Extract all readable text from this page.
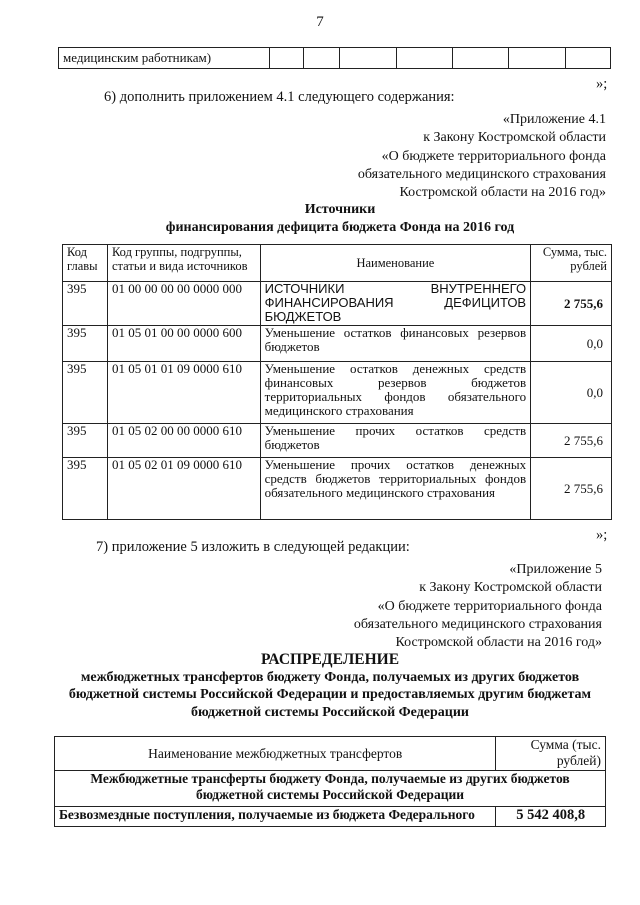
7
медицинским работникам)							
»;
6) дополнить приложением 4.1 следующего содержания:
«Приложение 4.1
к Закону Костромской области
«О бюджете территориального фонда
обязательного медицинского страхования
Костромской области на 2016 год»
Источники
финансирования дефицита бюджета Фонда на 2016 год
Код главы	Код группы, подгруппы, статьи и вида источников	Наименование	Сумма, тыс. рублей
395	01 00 00 00 00 0000 000	ИСТОЧНИКИ ВНУТРЕННЕГО ФИНАНСИРОВАНИЯ ДЕФИЦИТОВ БЮДЖЕТОВ	2 755,6
395	01 05 01 00 00 0000 600	Уменьшение остатков финансовых резервов бюджетов	0,0
395	01 05 01 01 09 0000 610	Уменьшение остатков денежных средств финансовых резервов бюджетов территориальных фондов обязательного медицинского страхования	0,0
395	01 05 02 00 00 0000 610	Уменьшение прочих остатков средств бюджетов	2 755,6
395	01 05 02 01 09 0000 610	Уменьшение прочих остатков денежных средств бюджетов территориальных фондов обязательного медицинского страхования	2 755,6
»;
7) приложение 5 изложить в следующей редакции:
«Приложение 5
к Закону Костромской области
«О бюджете территориального фонда
обязательного медицинского страхования
Костромской области на 2016 год»
РАСПРЕДЕЛЕНИЕ
межбюджетных трансфертов бюджету Фонда, получаемых из других бюджетов
бюджетной системы Российской Федерации и предоставляемых другим бюджетам
бюджетной системы Российской Федерации
Наименование межбюджетных трансфертов	Сумма (тыс. рублей)
Межбюджетные трансферты бюджету Фонда, получаемые из других бюджетов бюджетной системы Российской Федерации	
Безвозмездные поступления, получаемые из бюджета Федерального	5 542 408,8
